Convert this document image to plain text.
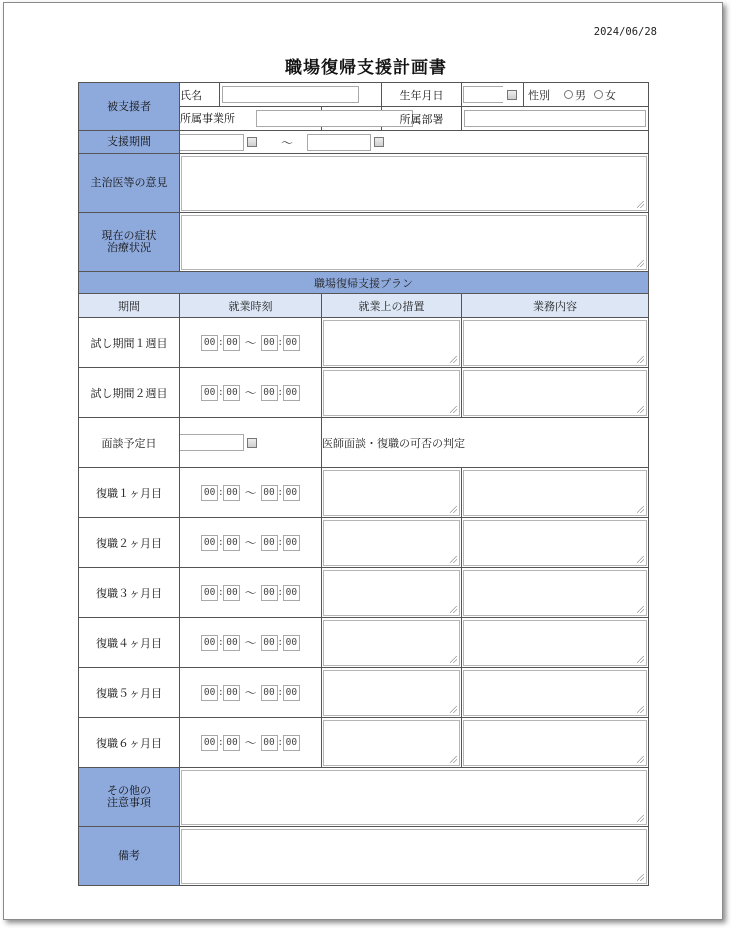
2024/06/28
職場復帰支援計画書
被支援者	氏名			生年月日		性別 男 女

	所属事業所			所属部署		

支援期間	～					

主治医等の意見						

現在の症状
治療状況						

職場復帰支援プラン						
期間	就業時刻		就業上の措置		業務内容	
試し期間１週目	00 : 00 ～ 00 : 00				

試し期間２週目	00 : 00 ～ 00 : 00				

面談予定日			医師面談・復職の可否の判定			
復職１ヶ月目	00 : 00 ～ 00 : 00				

復職２ヶ月目	00 : 00 ～ 00 : 00				

復職３ヶ月目	00 : 00 ～ 00 : 00				

復職４ヶ月目	00 : 00 ～ 00 : 00				

復職５ヶ月目	00 : 00 ～ 00 : 00				

復職６ヶ月目	00 : 00 ～ 00 : 00				

その他の
注意事項						

備考						
